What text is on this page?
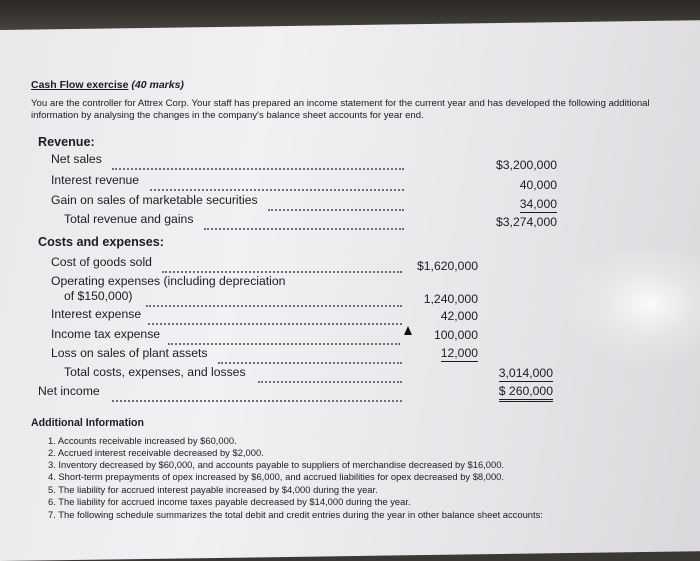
Cash Flow exercise (40 marks)
You are the controller for Attrex Corp. Your staff has prepared an income statement for the current year and has developed the following additional information by analysing the changes in the company's balance sheet accounts for year end.
Revenue:
Net sales	$3,200,000
Interest revenue	40,000
Gain on sales of marketable securities	34,000
Total revenue and gains	$3,274,000
Costs and expenses:
Cost of goods sold	$1,620,000
Operating expenses (including depreciation
of $150,000)	1,240,000
Interest expense	42,000
Income tax expense	100,000
Loss on sales of plant assets	12,000
Total costs, expenses, and losses	3,014,000
Net income	$ 260,000
Additional Information
1. Accounts receivable increased by $60,000.
2. Accrued interest receivable decreased by $2,000.
3. Inventory decreased by $60,000, and accounts payable to suppliers of merchandise decreased by $16,000.
4. Short-term prepayments of opex increased by $6,000, and accrued liabilities for opex decreased by $8,000.
5. The liability for accrued interest payable increased by $4,000 during the year.
6. The liability for accrued income taxes payable decreased by $14,000 during the year.
7. The following schedule summarizes the total debit and credit entries during the year in other balance sheet accounts:
